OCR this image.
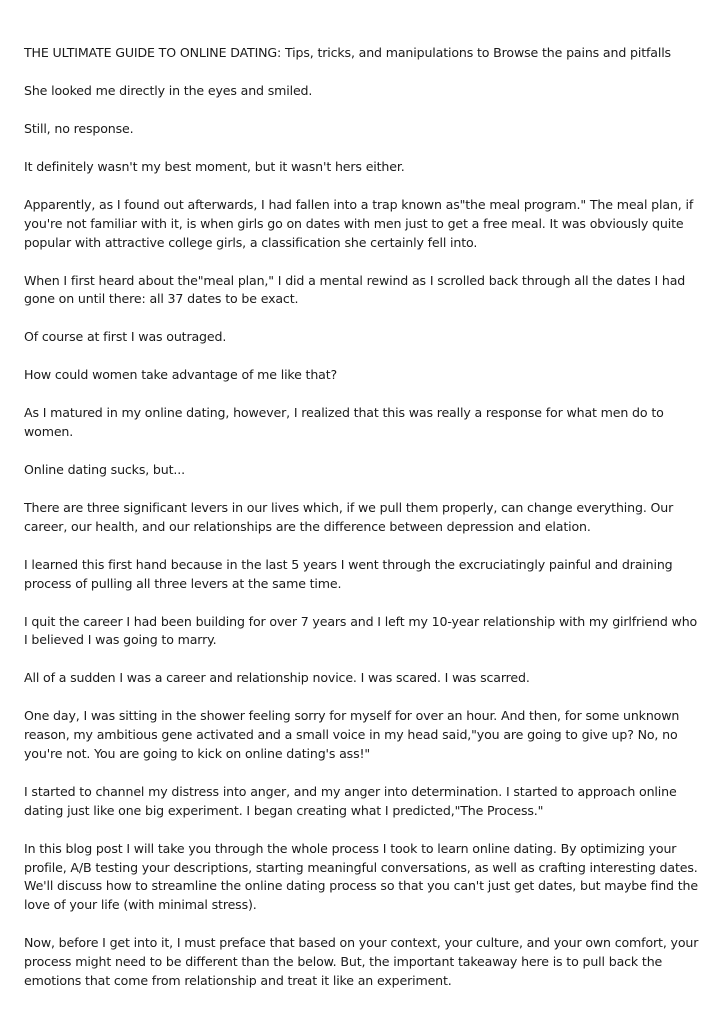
THE ULTIMATE GUIDE TO ONLINE DATING: Tips, tricks, and manipulations to Browse the pains and pitfalls

She looked me directly in the eyes and smiled.

Still, no response.

It definitely wasn't my best moment, but it wasn't hers either.

Apparently, as I found out afterwards, I had fallen into a trap known as"the meal program." The meal plan, if you're not familiar with it, is when girls go on dates with men just to get a free meal. It was obviously quite popular with attractive college girls, a classification she certainly fell into.

When I first heard about the"meal plan," I did a mental rewind as I scrolled back through all the dates I had gone on until there: all 37 dates to be exact.

Of course at first I was outraged.

How could women take advantage of me like that?

As I matured in my online dating, however, I realized that this was really a response for what men do to women.

Online dating sucks, but...

There are three significant levers in our lives which, if we pull them properly, can change everything. Our career, our health, and our relationships are the difference between depression and elation.

I learned this first hand because in the last 5 years I went through the excruciatingly painful and draining process of pulling all three levers at the same time.

I quit the career I had been building for over 7 years and I left my 10-year relationship with my girlfriend who I believed I was going to marry.

All of a sudden I was a career and relationship novice. I was scared. I was scarred.

One day, I was sitting in the shower feeling sorry for myself for over an hour. And then, for some unknown reason, my ambitious gene activated and a small voice in my head said,"you are going to give up? No, no you're not. You are going to kick on online dating's ass!"

I started to channel my distress into anger, and my anger into determination. I started to approach online dating just like one big experiment. I began creating what I predicted,"The Process."

In this blog post I will take you through the whole process I took to learn online dating. By optimizing your profile, A/B testing your descriptions, starting meaningful conversations, as well as crafting interesting dates. We'll discuss how to streamline the online dating process so that you can't just get dates, but maybe find the love of your life (with minimal stress).

Now, before I get into it, I must preface that based on your context, your culture, and your own comfort, your process might need to be different than the below. But, the important takeaway here is to pull back the emotions that come from relationship and treat it like an experiment.
